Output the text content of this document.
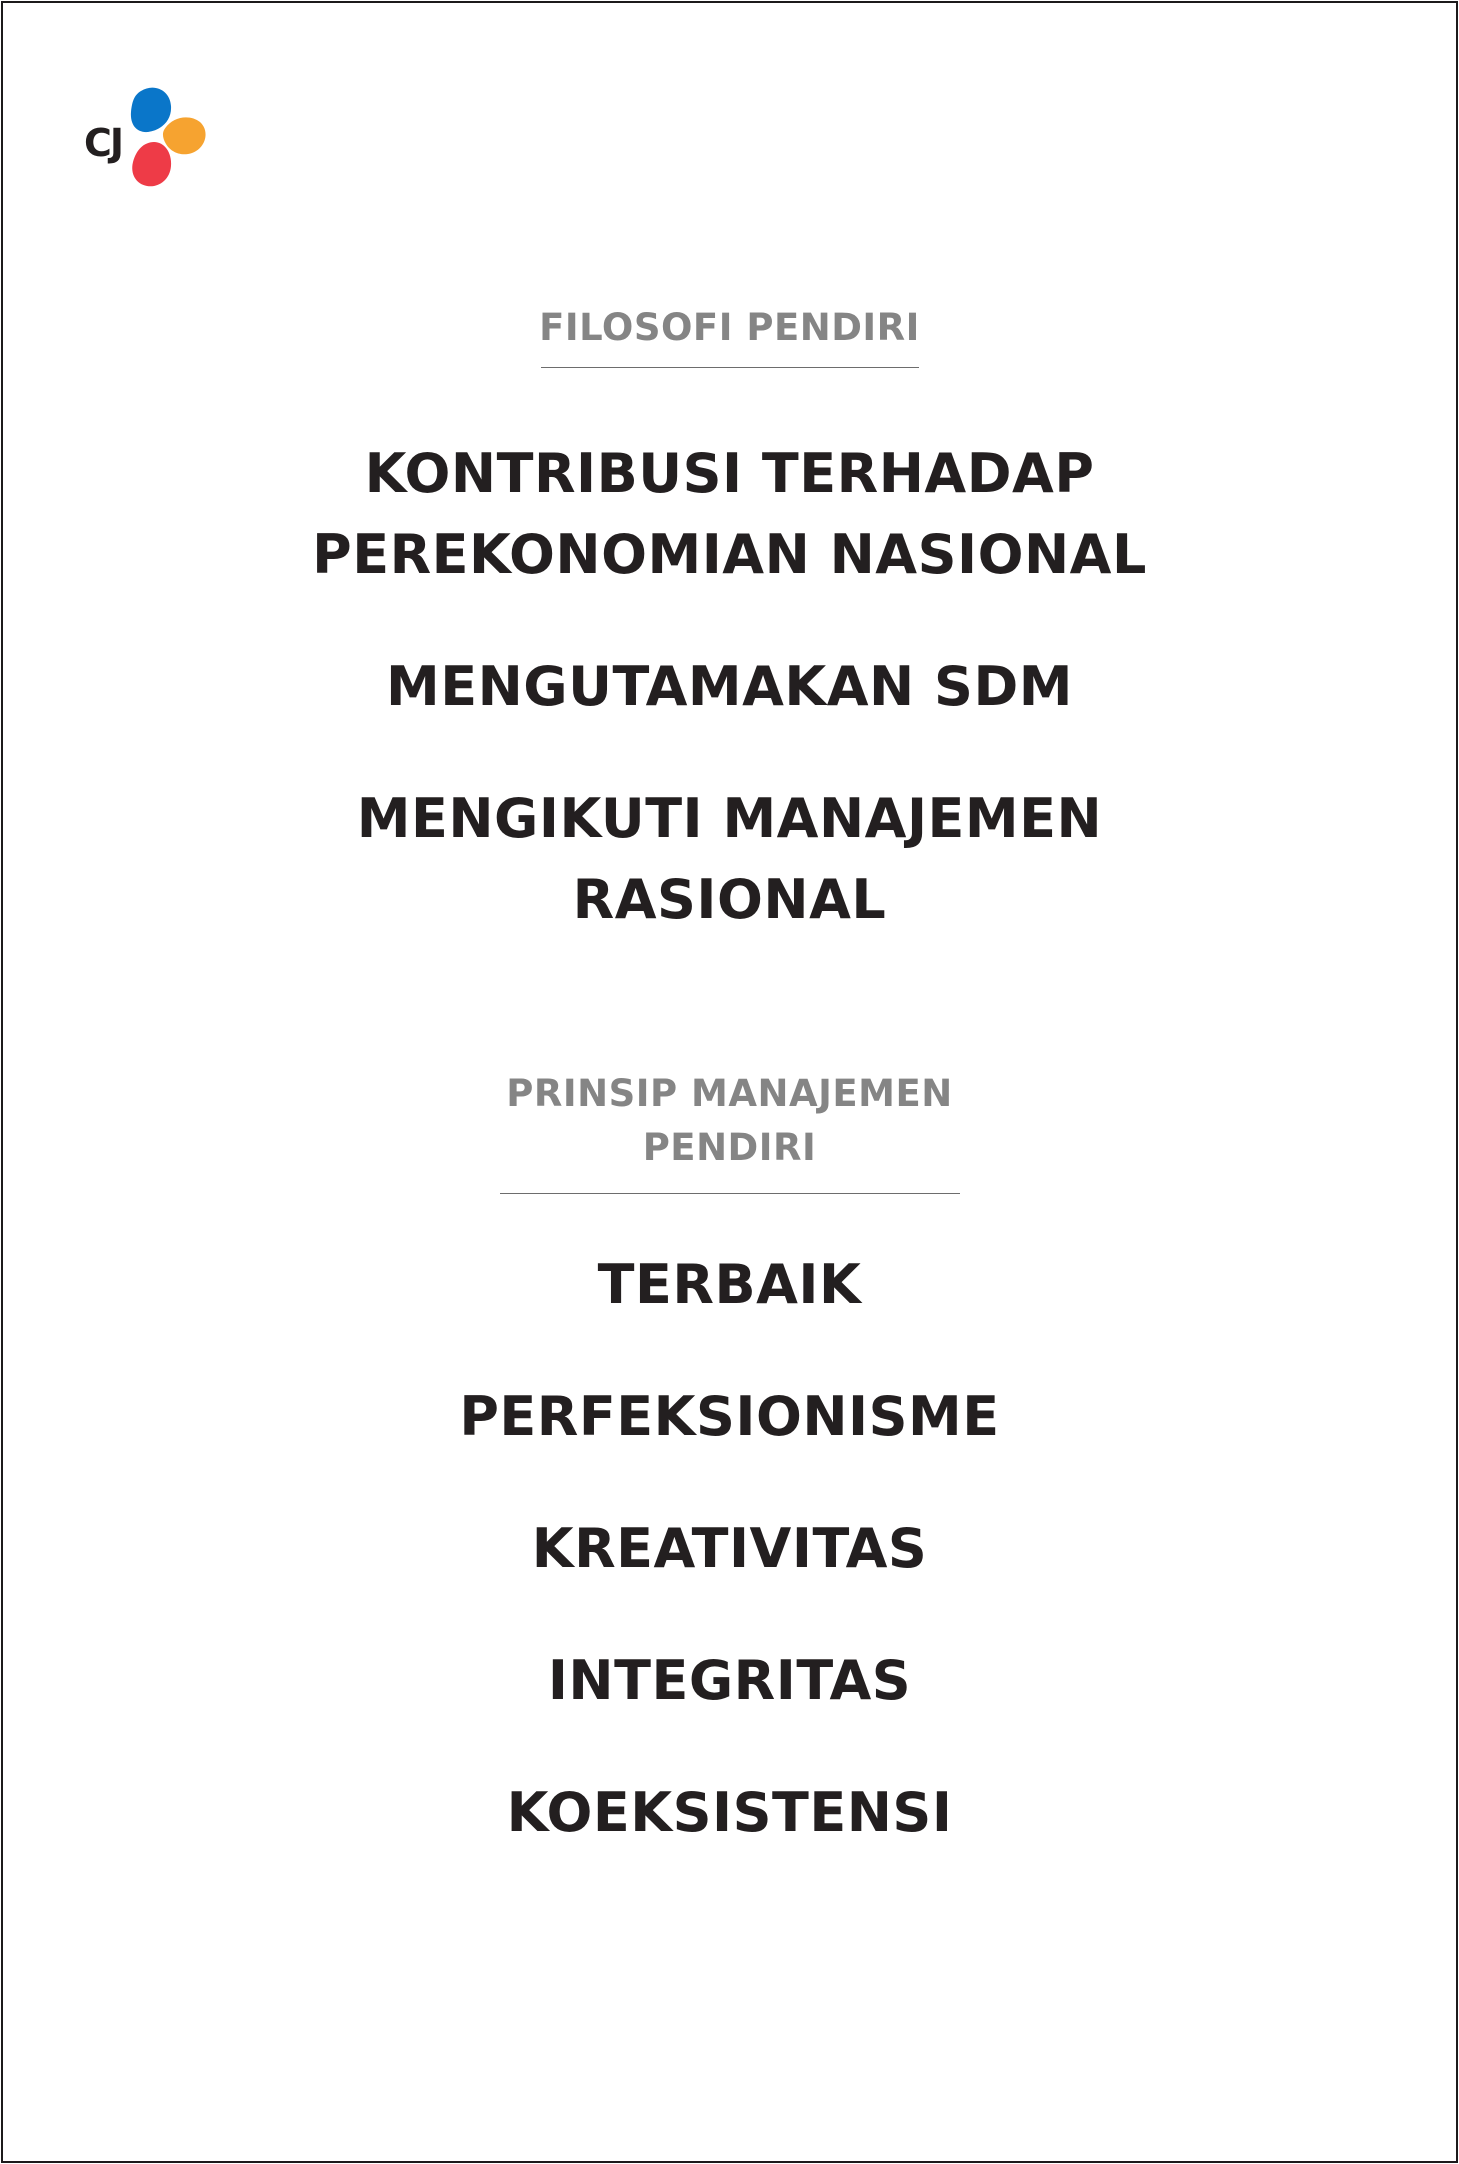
CJ
FILOSOFI PENDIRI

KONTRIBUSI TERHADAP

PEREKONOMIAN NASIONAL

MENGUTAMAKAN SDM

MENGIKUTI MANAJEMEN

RASIONAL

PRINSIP MANAJEMEN
PENDIRI

TERBAIK

PERFEKSIONISME

KREATIVITAS

INTEGRITAS

KOEKSISTENSI
